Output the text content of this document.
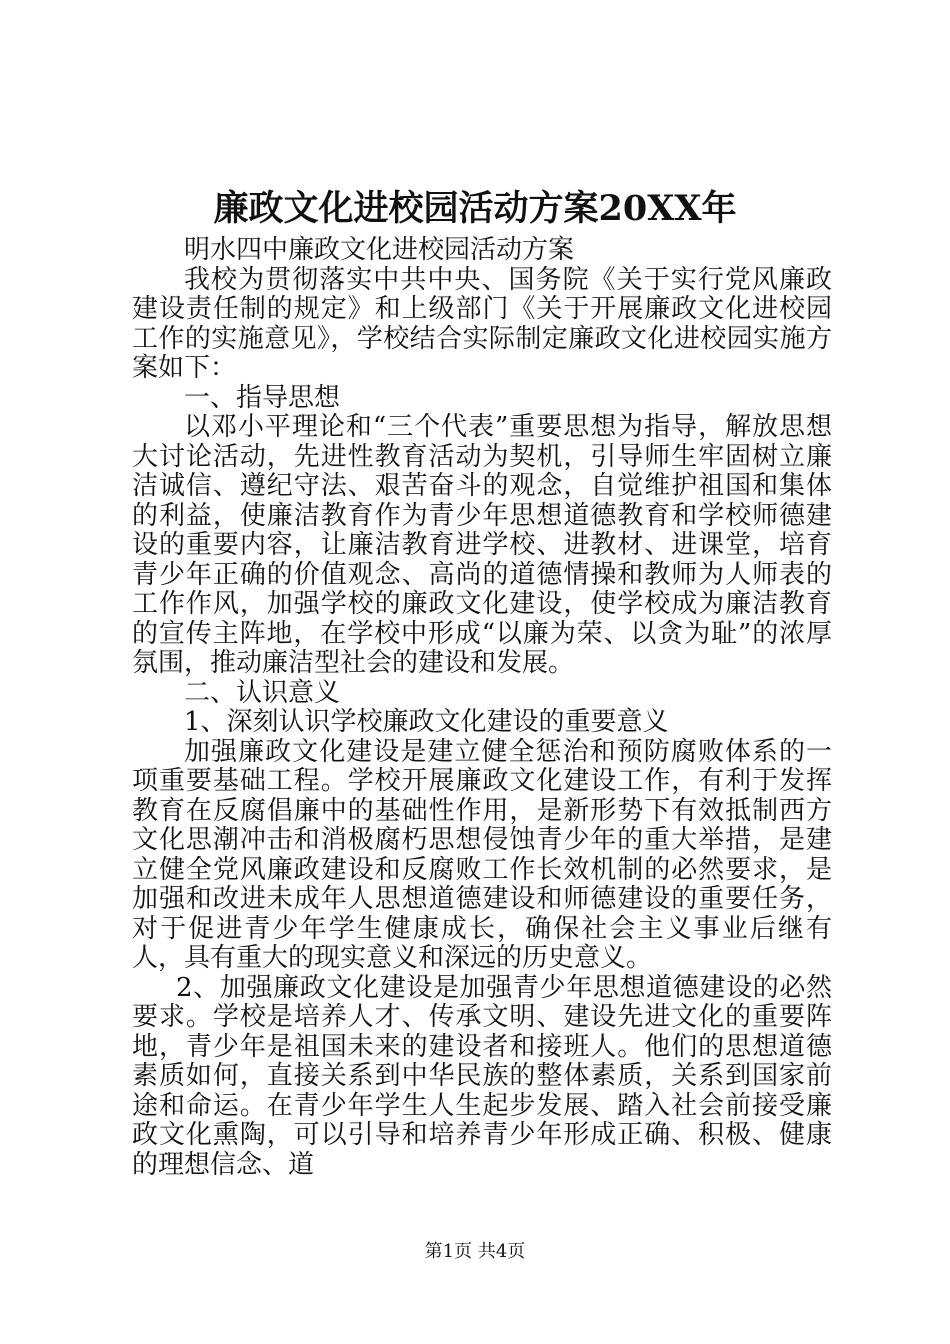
廉政文化进校园活动方案20XX年

明水四中廉政文化进校园活动方案

我校为贯彻落实中共中央、国务院《关于实行党风廉政建设责任制的规定》和上级部门《关于开展廉政文化进校园工作的实施意见》，学校结合实际制定廉政文化进校园实施方案如下：

一、指导思想

以邓小平理论和“三个代表”重要思想为指导，解放思想大讨论活动，先进性教育活动为契机，引导师生牢固树立廉洁诚信、遵纪守法、艰苦奋斗的观念，自觉维护祖国和集体的利益，使廉洁教育作为青少年思想道德教育和学校师德建设的重要内容，让廉洁教育进学校、进教材、进课堂，培育青少年正确的价值观念、高尚的道德情操和教师为人师表的工作作风，加强学校的廉政文化建设，使学校成为廉洁教育的宣传主阵地，在学校中形成“以廉为荣、以贪为耻”的浓厚氛围，推动廉洁型社会的建设和发展。

二、认识意义

1、深刻认识学校廉政文化建设的重要意义

加强廉政文化建设是建立健全惩治和预防腐败体系的一项重要基础工程。学校开展廉政文化建设工作，有利于发挥教育在反腐倡廉中的基础性作用，是新形势下有效抵制西方文化思潮冲击和消极腐朽思想侵蚀青少年的重大举措，是建立健全党风廉政建设和反腐败工作长效机制的必然要求，是加强和改进未成年人思想道德建设和师德建设的重要任务，对于促进青少年学生健康成长，确保社会主义事业后继有人，具有重大的现实意义和深远的历史意义。

2、加强廉政文化建设是加强青少年思想道德建设的必然要求。学校是培养人才、传承文明、建设先进文化的重要阵地，青少年是祖国未来的建设者和接班人。他们的思想道德素质如何，直接关系到中华民族的整体素质，关系到国家前途和命运。在青少年学生人生起步发展、踏入社会前接受廉政文化熏陶，可以引导和培养青少年形成正确、积极、健康的理想信念、道

第1页 共4页
